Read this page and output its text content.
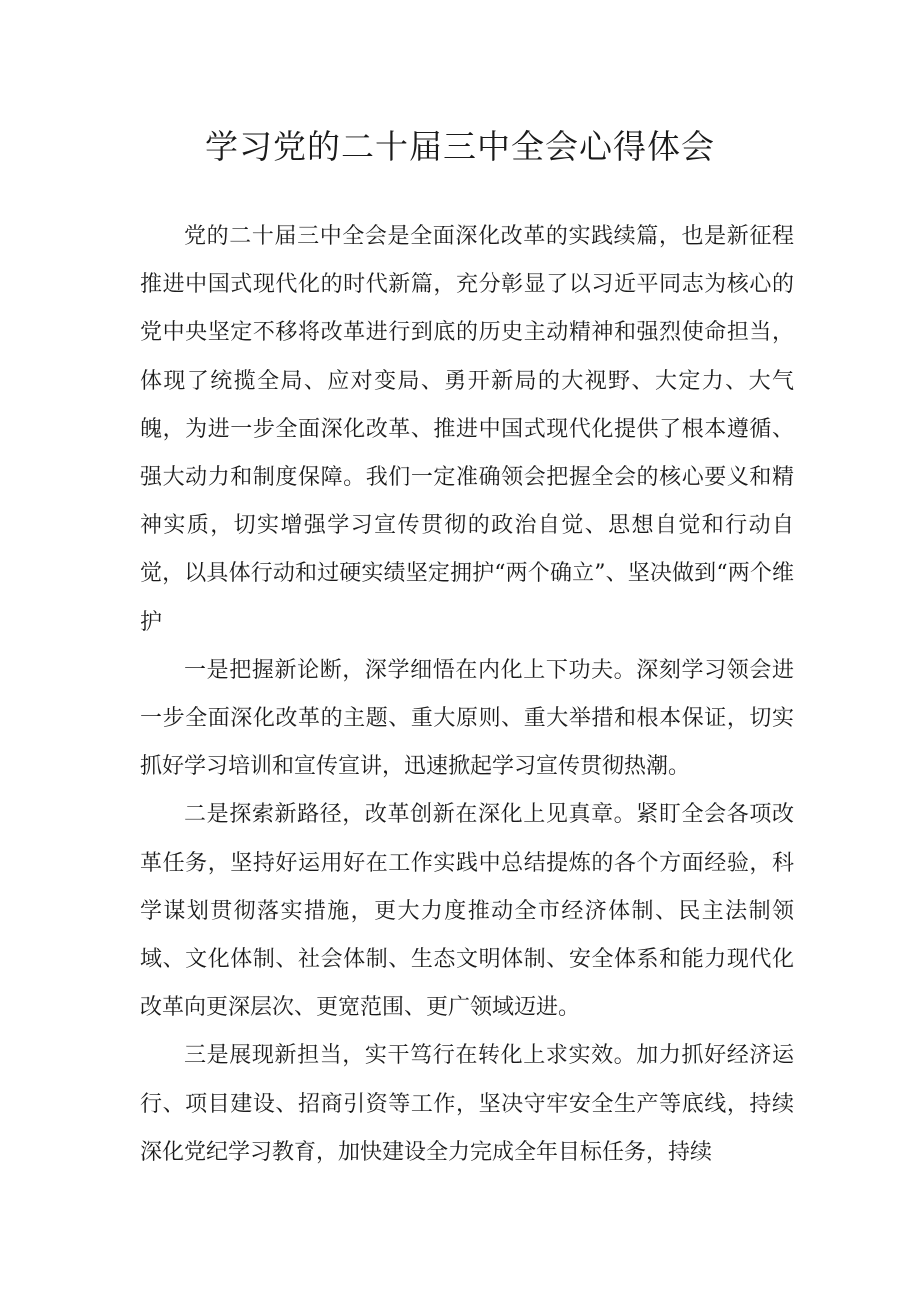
学习党的二十届三中全会心得体会

党的二十届三中全会是全面深化改革的实践续篇，也是新征程推进中国式现代化的时代新篇，充分彰显了以习近平同志为核心的党中央坚定不移将改革进行到底的历史主动精神和强烈使命担当，体现了统揽全局、应对变局、勇开新局的大视野、大定力、大气魄，为进一步全面深化改革、推进中国式现代化提供了根本遵循、强大动力和制度保障。我们一定准确领会把握全会的核心要义和精神实质，切实增强学习宣传贯彻的政治自觉、思想自觉和行动自觉，以具体行动和过硬实绩坚定拥护“两个确立”、坚决做到“两个维护

一是把握新论断，深学细悟在内化上下功夫。深刻学习领会进一步全面深化改革的主题、重大原则、重大举措和根本保证，切实抓好学习培训和宣传宣讲，迅速掀起学习宣传贯彻热潮。

二是探索新路径，改革创新在深化上见真章。紧盯全会各项改革任务，坚持好运用好在工作实践中总结提炼的各个方面经验，科学谋划贯彻落实措施，更大力度推动全市经济体制、民主法制领域、文化体制、社会体制、生态文明体制、安全体系和能力现代化改革向更深层次、更宽范围、更广领域迈进。

三是展现新担当，实干笃行在转化上求实效。加力抓好经济运行、项目建设、招商引资等工作，坚决守牢安全生产等底线，持续深化党纪学习教育，加快建设全力完成全年目标任务，持续
